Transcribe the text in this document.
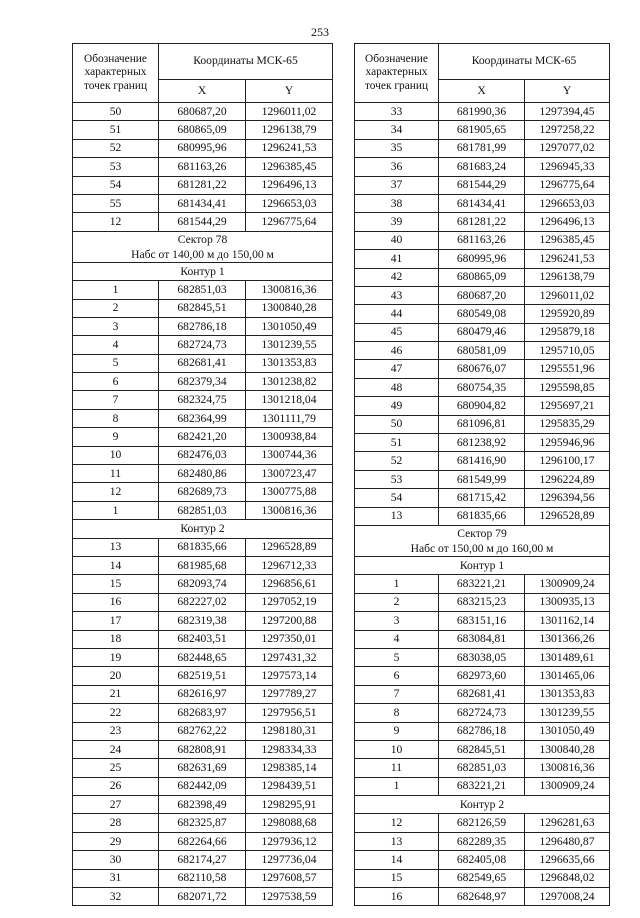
253
Обозначение характерных точек границ	Координаты МСК-65	
	X	Y
50	680687,20	1296011,02
51	680865,09	1296138,79
52	680995,96	1296241,53
53	681163,26	1296385,45
54	681281,22	1296496,13
55	681434,41	1296653,03
12	681544,29	1296775,64
Сектор 78
Набс от 140,00 м до 150,00 м		
Контур 1		
1	682851,03	1300816,36
2	682845,51	1300840,28
3	682786,18	1301050,49
4	682724,73	1301239,55
5	682681,41	1301353,83
6	682379,34	1301238,82
7	682324,75	1301218,04
8	682364,99	1301111,79
9	682421,20	1300938,84
10	682476,03	1300744,36
11	682480,86	1300723,47
12	682689,73	1300775,88
1	682851,03	1300816,36
Контур 2		
13	681835,66	1296528,89
14	681985,68	1296712,33
15	682093,74	1296856,61
16	682227,02	1297052,19
17	682319,38	1297200,88
18	682403,51	1297350,01
19	682448,65	1297431,32
20	682519,51	1297573,14
21	682616,97	1297789,27
22	682683,97	1297956,51
23	682762,22	1298180,31
24	682808,91	1298334,33
25	682631,69	1298385,14
26	682442,09	1298439,51
27	682398,49	1298295,91
28	682325,87	1298088,68
29	682264,66	1297936,12
30	682174,27	1297736,04
31	682110,58	1297608,57
32	682071,72	1297538,59
Обозначение характерных точек границ	Координаты МСК-65	
	X	Y
33	681990,36	1297394,45
34	681905,65	1297258,22
35	681781,99	1297077,02
36	681683,24	1296945,33
37	681544,29	1296775,64
38	681434,41	1296653,03
39	681281,22	1296496,13
40	681163,26	1296385,45
41	680995,96	1296241,53
42	680865,09	1296138,79
43	680687,20	1296011,02
44	680549,08	1295920,89
45	680479,46	1295879,18
46	680581,09	1295710,05
47	680676,07	1295551,96
48	680754,35	1295598,85
49	680904,82	1295697,21
50	681096,81	1295835,29
51	681238,92	1295946,96
52	681416,90	1296100,17
53	681549,99	1296224,89
54	681715,42	1296394,56
13	681835,66	1296528,89
Сектор 79
Набс от 150,00 м до 160,00 м		
Контур 1		
1	683221,21	1300909,24
2	683215,23	1300935,13
3	683151,16	1301162,14
4	683084,81	1301366,26
5	683038,05	1301489,61
6	682973,60	1301465,06
7	682681,41	1301353,83
8	682724,73	1301239,55
9	682786,18	1301050,49
10	682845,51	1300840,28
11	682851,03	1300816,36
1	683221,21	1300909,24
Контур 2		
12	682126,59	1296281,63
13	682289,35	1296480,87
14	682405,08	1296635,66
15	682549,65	1296848,02
16	682648,97	1297008,24
